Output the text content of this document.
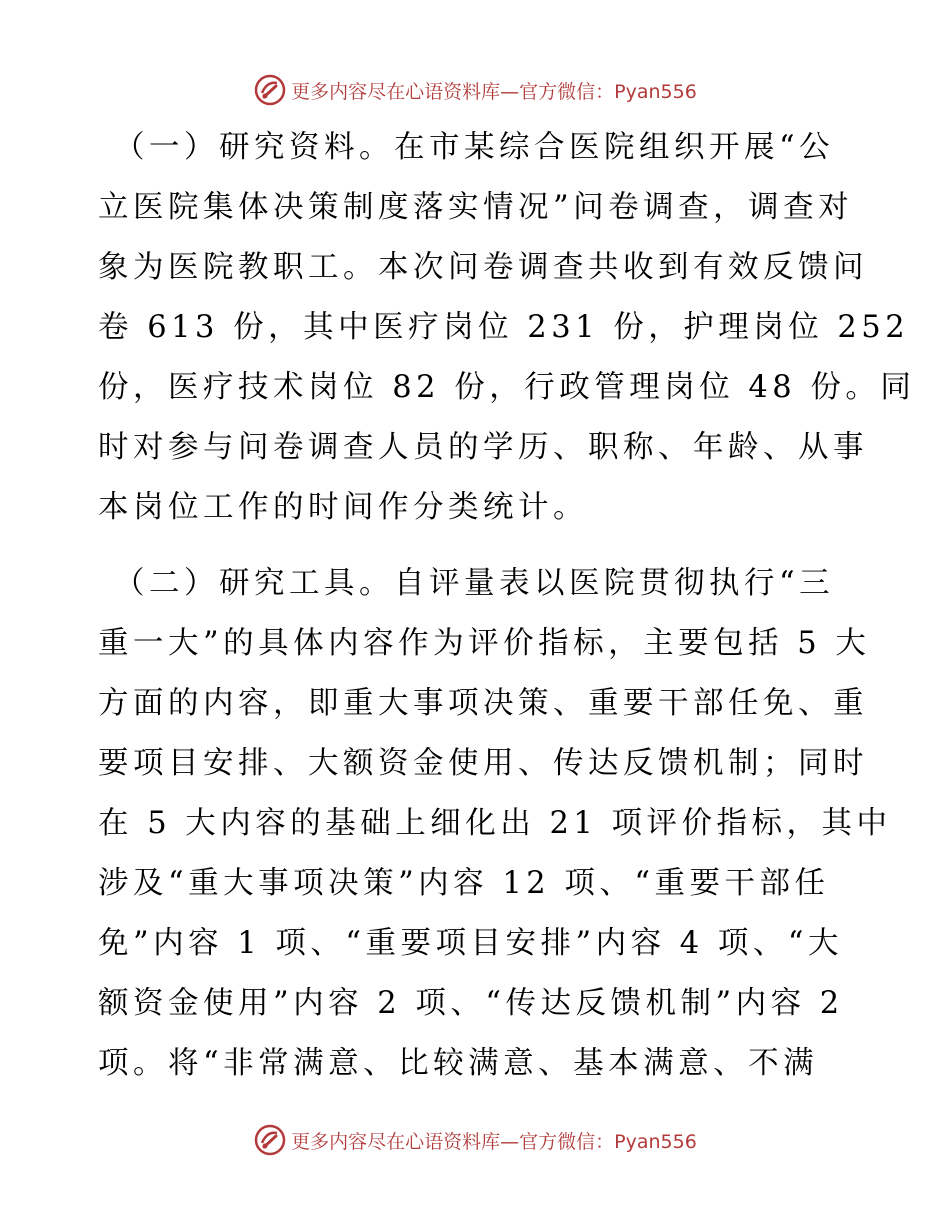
更多内容尽在心语资料库—官方微信：Pyan556

（一）研究资料。在市某综合医院组织开展“公
立医院集体决策制度落实情况”问卷调查，调查对
象为医院教职工。本次问卷调查共收到有效反馈问
卷 613 份，其中医疗岗位 231 份，护理岗位 252
份，医疗技术岗位 82 份，行政管理岗位 48 份。同
时对参与问卷调查人员的学历、职称、年龄、从事
本岗位工作的时间作分类统计。

（二）研究工具。自评量表以医院贯彻执行“三
重一大”的具体内容作为评价指标，主要包括 5 大
方面的内容，即重大事项决策、重要干部任免、重
要项目安排、大额资金使用、传达反馈机制；同时
在 5 大内容的基础上细化出 21 项评价指标，其中
涉及“重大事项决策”内容 12 项、“重要干部任
免”内容 1 项、“重要项目安排”内容 4 项、“大
额资金使用”内容 2 项、“传达反馈机制”内容 2
项。将“非常满意、比较满意、基本满意、不满

更多内容尽在心语资料库—官方微信：Pyan556
